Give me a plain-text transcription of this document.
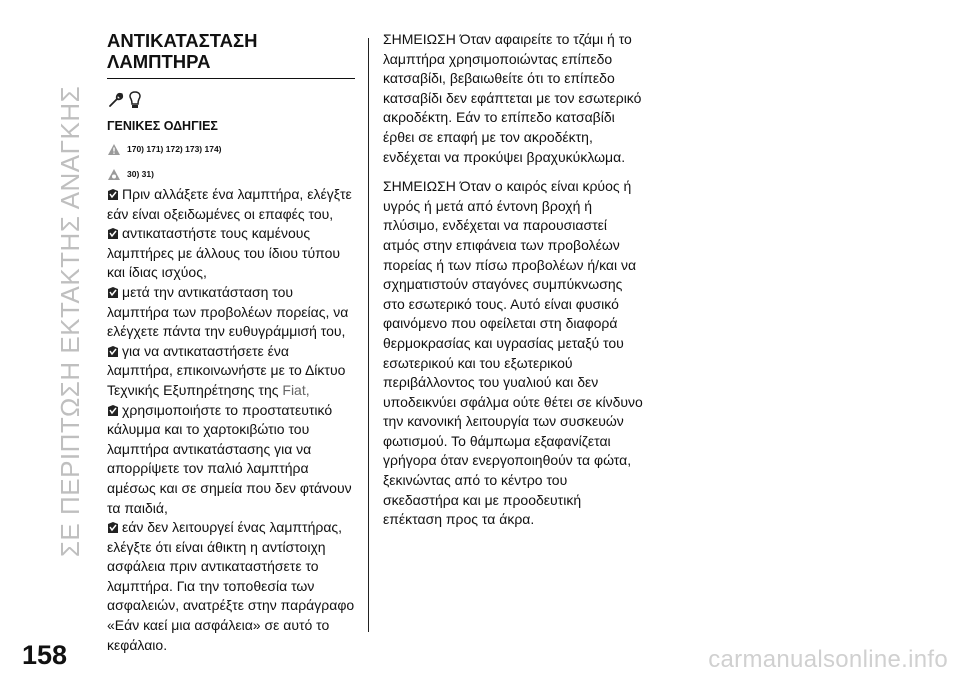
ΣΕ ΠΕΡΙΠΤΩΣΗ ΕΚΤΑΚΤΗΣ ΑΝΑΓΚΗΣ
ΑΝΤΙΚΑΤΑΣΤΑΣΗ
ΛΑΜΠΤΗΡΑ
ΓΕΝΙΚΕΣ ΟΔΗΓΙΕΣ
170) 171) 172) 173) 174)
30) 31)

Πριν αλλάξετε ένα λαμπτήρα, ελέγξτε εάν είναι οξειδωμένες οι επαφές του,

αντικαταστήστε τους καμένους λαμπτήρες με άλλους του ίδιου τύπου και ίδιας ισχύος,

μετά την αντικατάσταση του λαμπτήρα των προβολέων πορείας, να ελέγχετε πάντα την ευθυγράμμισή του,

για να αντικαταστήσετε ένα λαμπτήρα, επικοινωνήστε με το Δίκτυο Τεχνικής Εξυπηρέτησης της Fiat,

χρησιμοποιήστε το προστατευτικό κάλυμμα και το χαρτοκιβώτιο του λαμπτήρα αντικατάστασης για να απορρίψετε τον παλιό λαμπτήρα αμέσως και σε σημεία που δεν φτάνουν τα παιδιά,

εάν δεν λειτουργεί ένας λαμπτήρας, ελέγξτε ότι είναι άθικτη η αντίστοιχη ασφάλεια πριν αντικαταστήσετε το λαμπτήρα. Για την τοποθεσία των ασφαλειών, ανατρέξτε στην παράγραφο «Εάν καεί μια ασφάλεια» σε αυτό το κεφάλαιο.

ΣΗΜΕΙΩΣΗ Όταν αφαιρείτε το τζάμι ή το λαμπτήρα χρησιμοποιώντας επίπεδο κατσαβίδι, βεβαιωθείτε ότι το επίπεδο κατσαβίδι δεν εφάπτεται με τον εσωτερικό ακροδέκτη. Εάν το επίπεδο κατσαβίδι έρθει σε επαφή με τον ακροδέκτη, ενδέχεται να προκύψει βραχυκύκλωμα.

ΣΗΜΕΙΩΣΗ Όταν ο καιρός είναι κρύος ή υγρός ή μετά από έντονη βροχή ή πλύσιμο, ενδέχεται να παρουσιαστεί ατμός στην επιφάνεια των προβολέων πορείας ή των πίσω προβολέων ή/και να σχηματιστούν σταγόνες συμπύκνωσης στο εσωτερικό τους. Αυτό είναι φυσικό φαινόμενο που οφείλεται στη διαφορά θερμοκρασίας και υγρασίας μεταξύ του εσωτερικού και του εξωτερικού περιβάλλοντος του γυαλιού και δεν υποδεικνύει σφάλμα ούτε θέτει σε κίνδυνο την κανονική λειτουργία των συσκευών φωτισμού. Το θάμπωμα εξαφανίζεται γρήγορα όταν ενεργοποιηθούν τα φώτα, ξεκινώντας από το κέντρο του σκεδαστήρα και με προοδευτική επέκταση προς τα άκρα.

158	carmanualsonline.info
